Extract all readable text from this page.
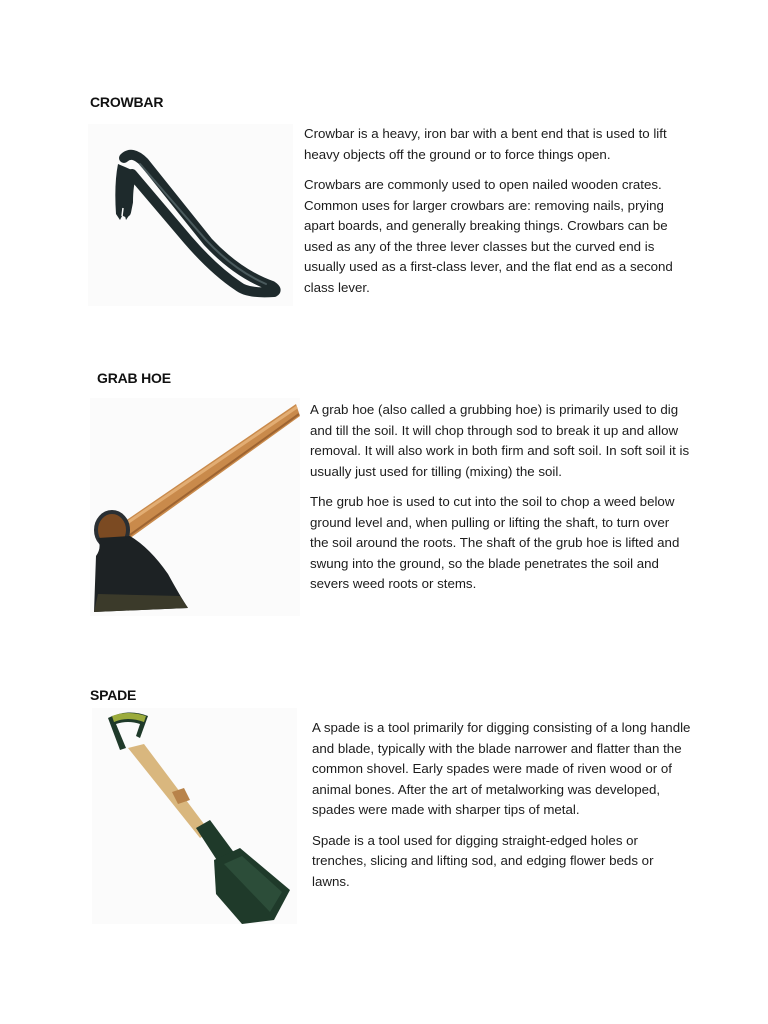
CROWBAR

Crowbar is a heavy, iron bar with a bent end that is used to lift heavy objects off the ground or to force things open.

Crowbars are commonly used to open nailed wooden crates. Common uses for larger crowbars are: removing nails, prying apart boards, and generally breaking things. Crowbars can be used as any of the three lever classes but the curved end is usually used as a first-class lever, and the flat end as a second class lever.

GRAB HOE

A grab hoe (also called a grubbing hoe) is primarily used to dig and till the soil. It will chop through sod to break it up and allow removal. It will also work in both firm and soft soil. In soft soil it is usually just used for tilling (mixing) the soil.

The grub hoe is used to cut into the soil to chop a weed below ground level and, when pulling or lifting the shaft, to turn over the soil around the roots. The shaft of the grub hoe is lifted and swung into the ground, so the blade penetrates the soil and severs weed roots or stems.

SPADE

A spade is a tool primarily for digging consisting of a long handle and blade, typically with the blade narrower and flatter than the common shovel. Early spades were made of riven wood or of animal bones. After the art of metalworking was developed, spades were made with sharper tips of metal.

Spade is a tool used for digging straight-edged holes or trenches, slicing and lifting sod, and edging flower beds or lawns.
